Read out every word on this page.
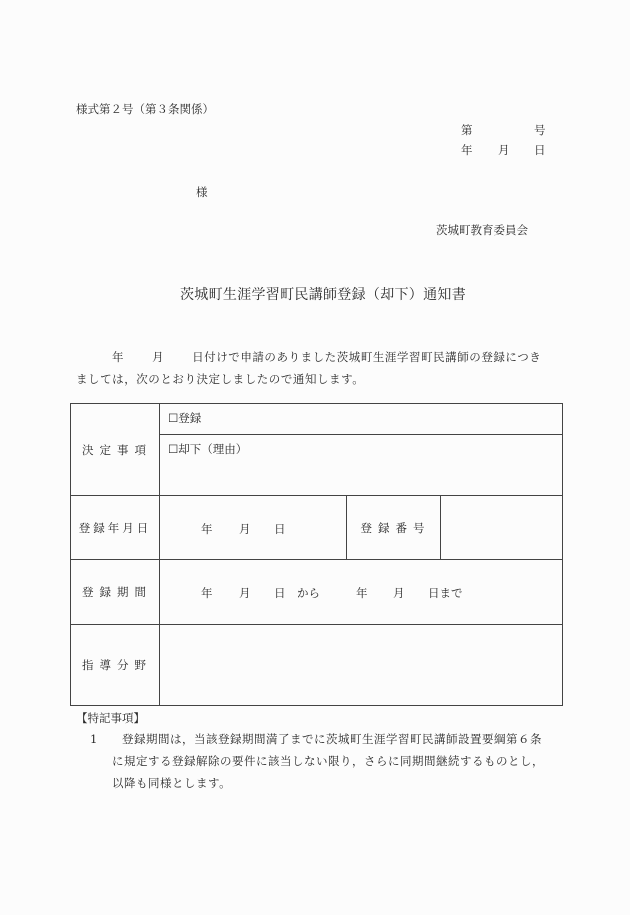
様式第２号（第３条関係）
第	号
年 月 日
様
茨城町教育委員会
茨城町生涯学習町民講師登録（却下）通知書
年 月 日付けで申請のありました茨城町生涯学習町民講師の登録につきましては，次のとおり決定しましたので通知します。
決定事項	☐登録		
	☐却下（理由）		
登録年月日	年 月 日	登録番号	
登録期間	年 月 日 から	年 月 日まで

指導分野			
【特記事項】
1	登録期間は，当該登録期間満了までに茨城町生涯学習町民講師設置要綱第６条に規定する登録解除の要件に該当しない限り，さらに同期間継続するものとし，以降も同様とします。
